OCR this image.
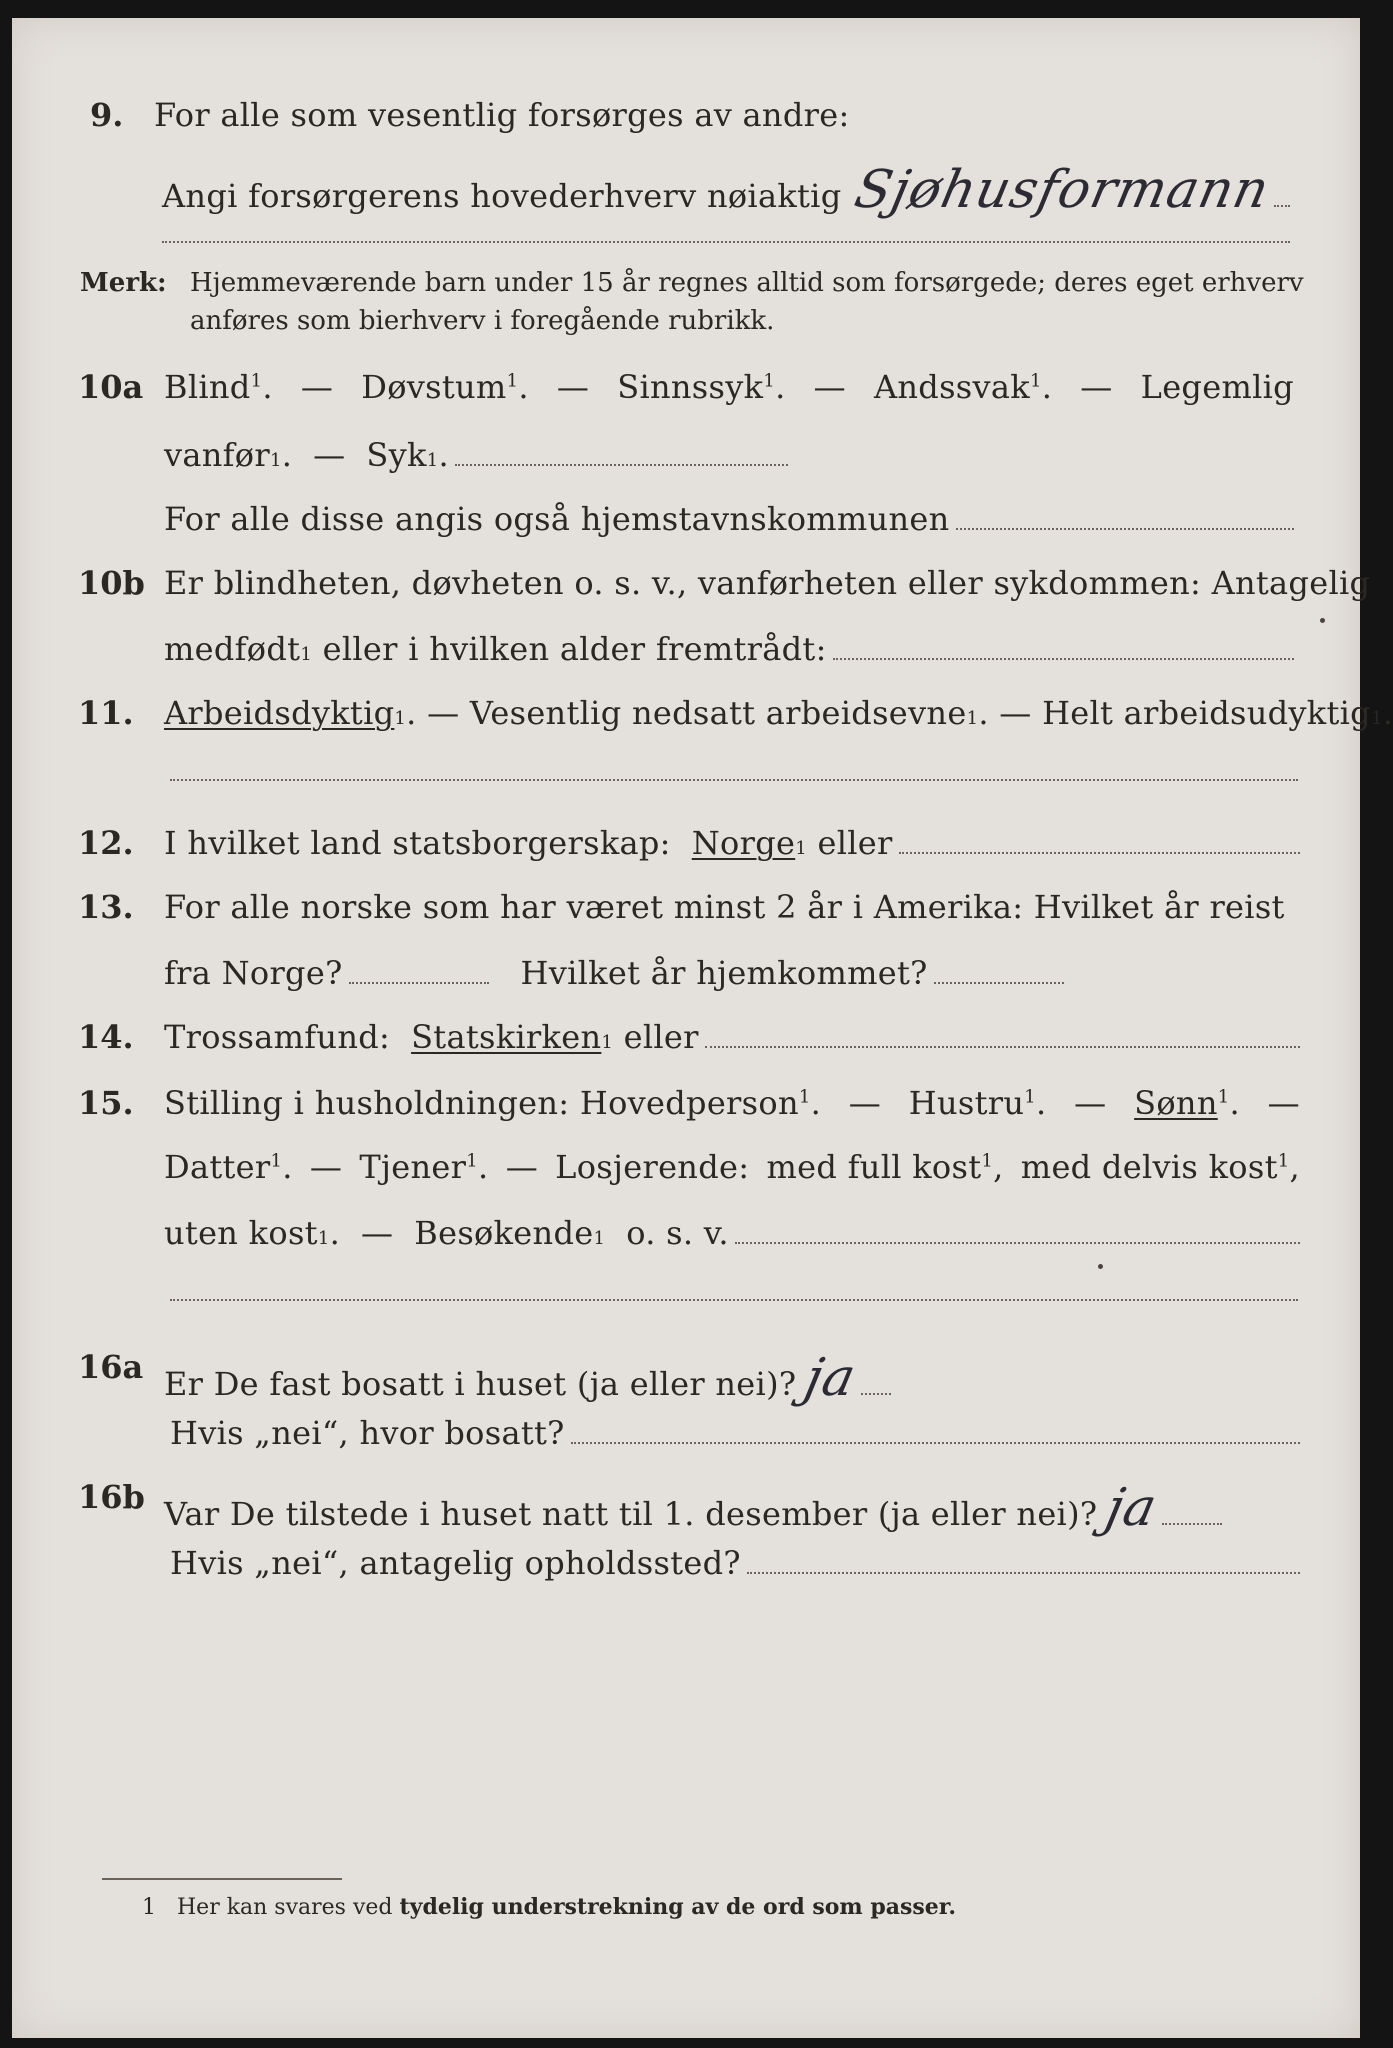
9. For alle som vesentlig forsørges av andre:
Angi forsørgerens hovederhverv nøiaktig Sjøhusformann
Merk: Hjemmeværende barn under 15 år regnes alltid som forsørgede; deres eget erhverv
anføres som bierhverv i foregående rubrikk.
10a Blind$^1$. — Døvstum$^1$. — Sinnssyk$^1$. — Andssvak$^1$. — Legemlig
vanfør 1 .  — Syk 1 .
For alle disse angis også hjemstavnskommunen
10b Er blindheten, døvheten o. s. v., vanførheten eller sykdommen: Antagelig
medfødt 1
eller i hvilken alder fremtrådt:
11. Arbeidsdyktig 1 . — Vesentlig nedsatt arbeidsevne 1 . — Helt arbeidsudyktig 1 .
12. I hvilket land statsborgerskap:
Norge 1
eller
13. For alle norske som har været minst 2 år i Amerika: Hvilket år reist
fra Norge?	Hvilket år hjemkommet?
14. Trossamfund:
Statskirken 1
eller
15. Stilling i husholdningen: Hovedperson$^1$. — Hustru$^1$. — Sønn$^1$. —
Datter$^1$. — Tjener$^1$. — Losjerende: med full kost$^1$, med delvis kost$^1$,
uten kost 1 .  — Besøkende 1
o. s. v.
16a Er De fast bosatt i huset (ja eller nei)? ja
Hvis „nei“, hvor bosatt?
16b Var De tilstede i huset natt til 1. desember (ja eller nei)? ja
Hvis „nei“, antagelig opholdssted?
1 Her kan svares ved tydelig understrekning av de ord som passer.
